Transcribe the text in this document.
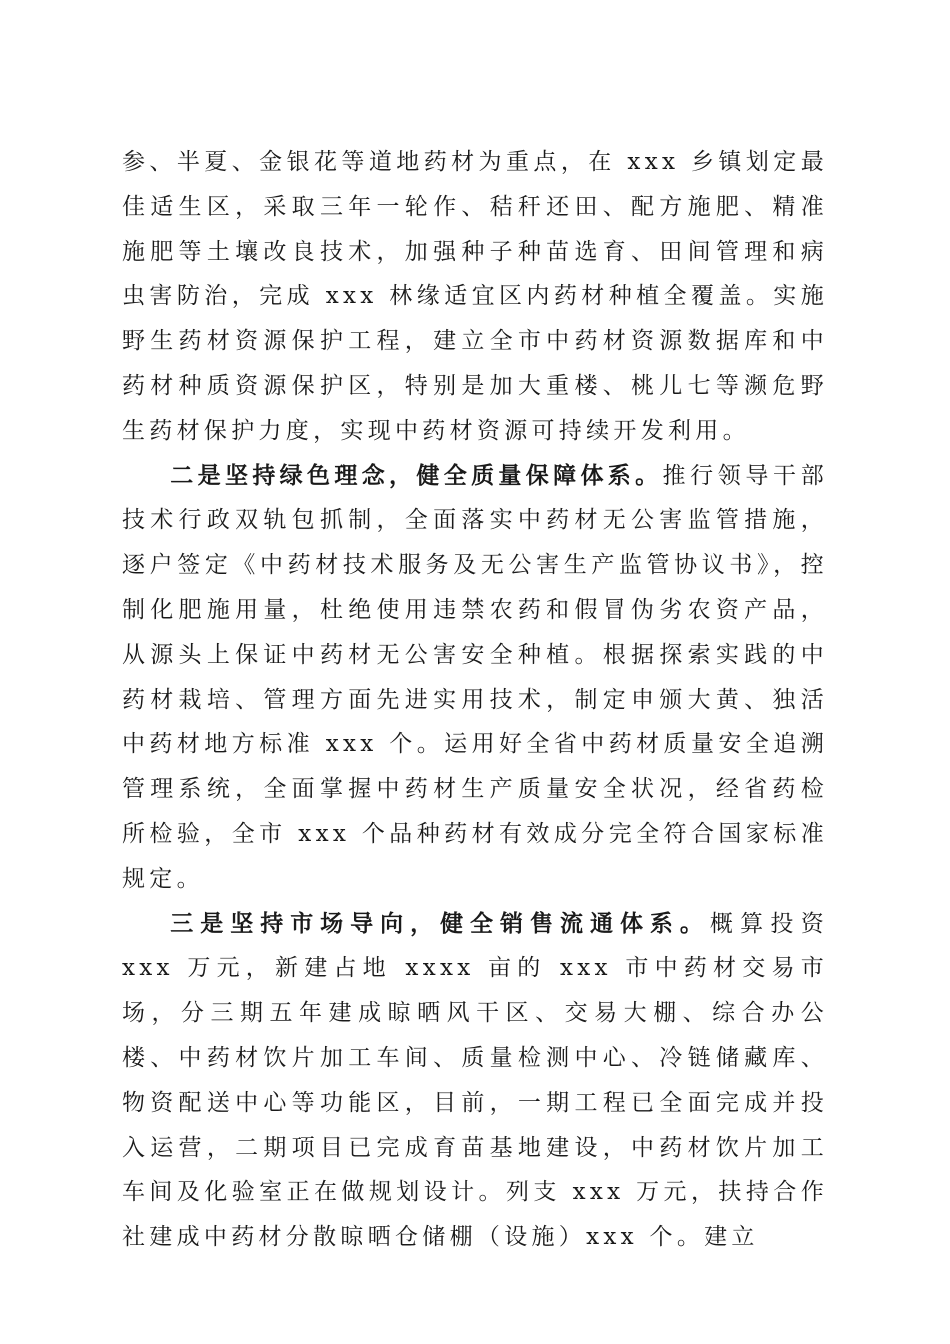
参、半夏、金银花等道地药材为重点，在 xxx 乡镇划定最佳适生区，采取三年一轮作、秸秆还田、配方施肥、精准施肥等土壤改良技术，加强种子种苗选育、田间管理和病虫害防治，完成 xxx 林缘适宜区内药材种植全覆盖。实施野生药材资源保护工程，建立全市中药材资源数据库和中药材种质资源保护区，特别是加大重楼、桃儿七等濒危野生药材保护力度，实现中药材资源可持续开发利用。

二是坚持绿色理念，健全质量保障体系。推行领导干部技术行政双轨包抓制，全面落实中药材无公害监管措施，逐户签定《中药材技术服务及无公害生产监管协议书》，控制化肥施用量，杜绝使用违禁农药和假冒伪劣农资产品，从源头上保证中药材无公害安全种植。根据探索实践的中药材栽培、管理方面先进实用技术，制定申颁大黄、独活中药材地方标准 xxx 个。运用好全省中药材质量安全追溯管理系统，全面掌握中药材生产质量安全状况，经省药检所检验，全市 xxx 个品种药材有效成分完全符合国家标准规定。

三是坚持市场导向，健全销售流通体系。概算投资 xxx 万元，新建占地 xxxx 亩的 xxx 市中药材交易市场，分三期五年建成晾晒风干区、交易大棚、综合办公楼、中药材饮片加工车间、质量检测中心、冷链储藏库、物资配送中心等功能区，目前，一期工程已全面完成并投入运营，二期项目已完成育苗基地建设，中药材饮片加工车间及化验室正在做规划设计。列支 xxx 万元，扶持合作社建成中药材分散晾晒仓储棚（设施）xxx 个。建立
